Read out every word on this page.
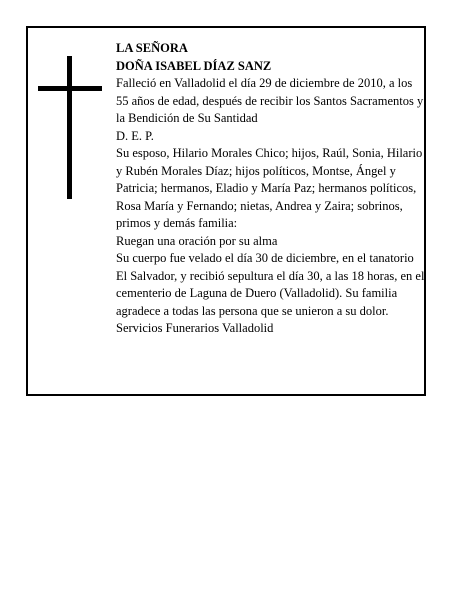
LA SEÑORA

DOÑA ISABEL DÍAZ SANZ

Falleció en Valladolid el día 29 de diciembre de 2010, a los 55 años de edad, después de recibir los Santos Sacramentos y la Bendición de Su Santidad

D. E. P.

Su esposo, Hilario Morales Chico; hijos, Raúl, Sonia, Hilario y Rubén Morales Díaz; hijos políticos, Montse, Ángel y Patricia; hermanos, Eladio y María Paz; hermanos políticos, Rosa María y Fernando; nietas, Andrea y Zaira; sobrinos, primos y demás familia:

Ruegan una oración por su alma

Su cuerpo fue velado el día 30 de diciembre, en el tanatorio El Salvador, y recibió sepultura el día 30, a las 18 horas, en el cementerio de Laguna de Duero (Valladolid). Su familia agradece a todas las persona que se unieron a su dolor.

Servicios Funerarios Valladolid
